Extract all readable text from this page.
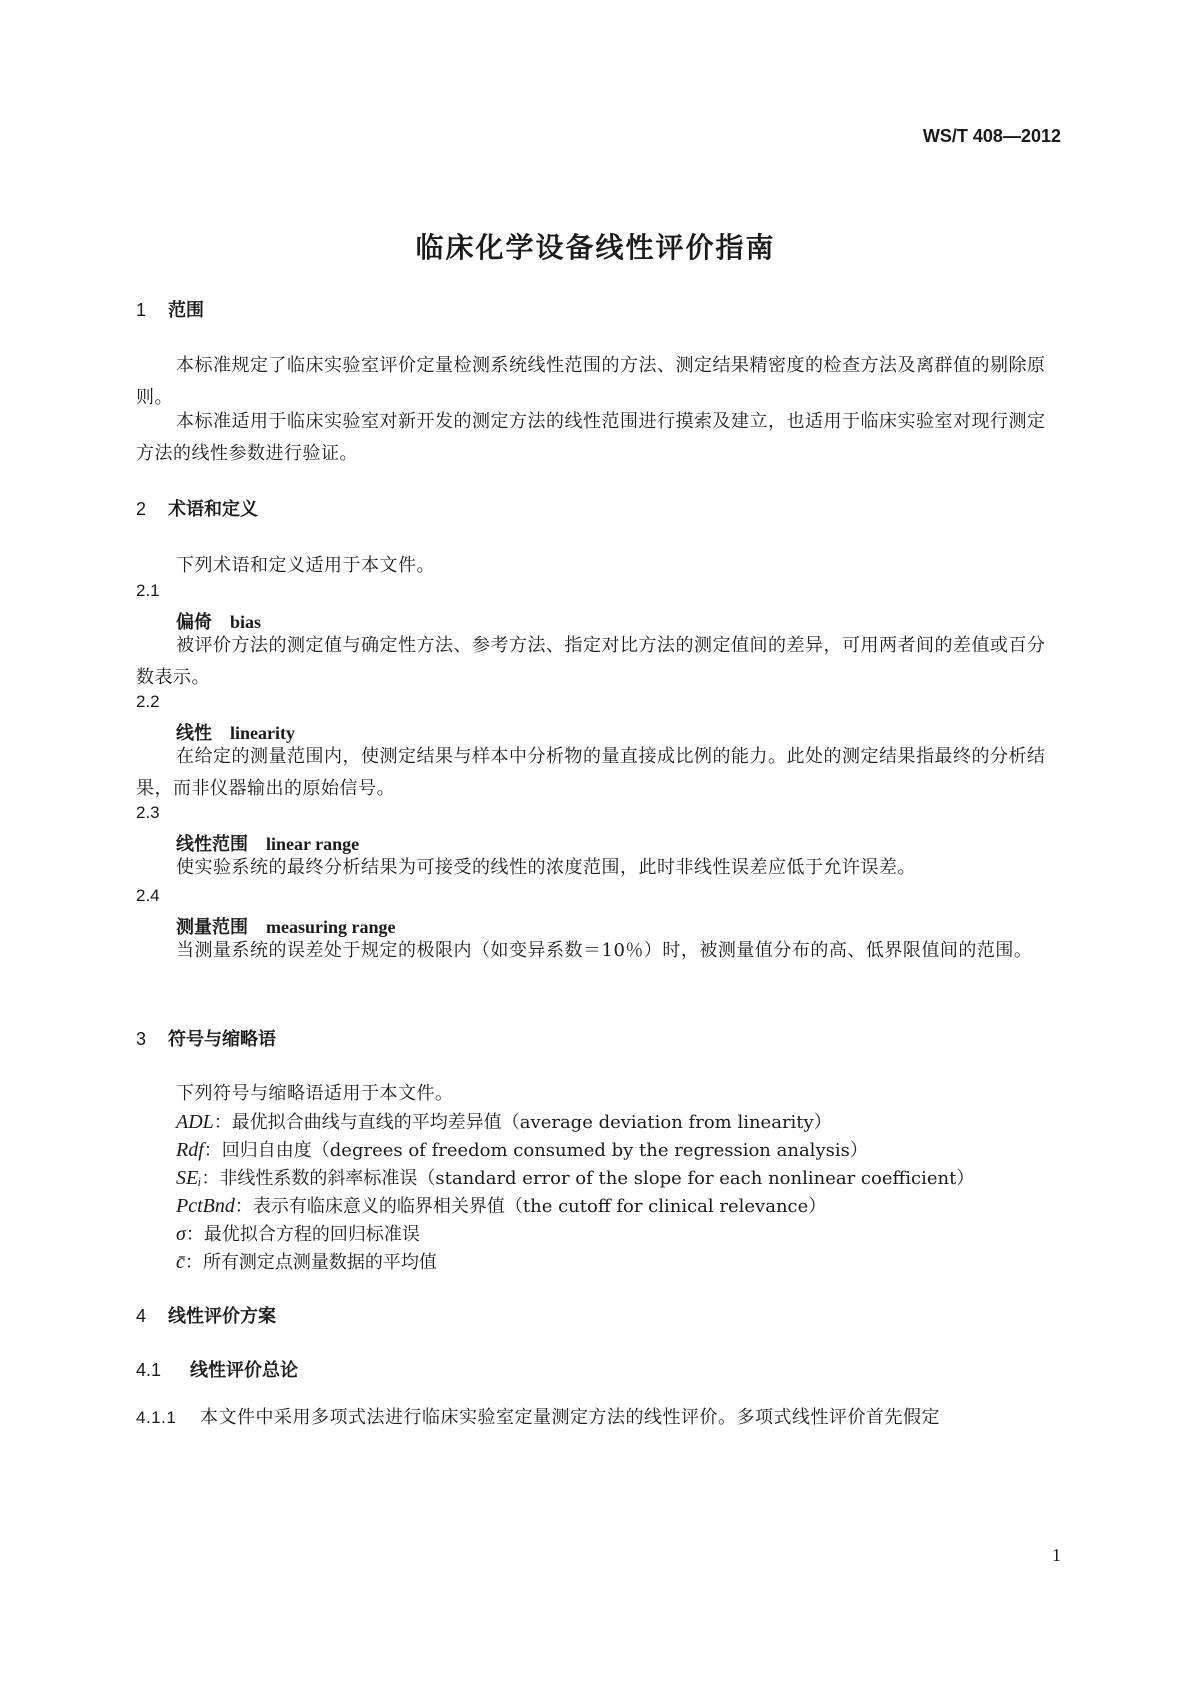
WS/T 408—2012
临床化学设备线性评价指南
1 范围
本标准规定了临床实验室评价定量检测系统线性范围的方法、测定结果精密度的检查方法及离群值的剔除原则。
本标准适用于临床实验室对新开发的测定方法的线性范围进行摸索及建立，也适用于临床实验室对现行测定方法的线性参数进行验证。
2 术语和定义
下列术语和定义适用于本文件。
2.1
偏倚 bias
被评价方法的测定值与确定性方法、参考方法、指定对比方法的测定值间的差异，可用两者间的差值或百分数表示。
2.2
线性 linearity
在给定的测量范围内，使测定结果与样本中分析物的量直接成比例的能力。此处的测定结果指最终的分析结果，而非仪器输出的原始信号。
2.3
线性范围 linear range
使实验系统的最终分析结果为可接受的线性的浓度范围，此时非线性误差应低于允许误差。
2.4
测量范围 measuring range
当测量系统的误差处于规定的极限内（如变异系数＝10％）时，被测量值分布的高、低界限值间的范围。
3 符号与缩略语
下列符号与缩略语适用于本文件。
ADL：最优拟合曲线与直线的平均差异值（average deviation from linearity）
Rdf：回归自由度（degrees of freedom consumed by the regression analysis）
SEᵢ：非线性系数的斜率标准误（standard error of the slope for each nonlinear coefficient）
PctBnd：表示有临床意义的临界相关界值（the cutoff for clinical relevance）
σ：最优拟合方程的回归标准误
c̄：所有测定点测量数据的平均值
4 线性评价方案
4.1 线性评价总论
4.1.1 本文件中采用多项式法进行临床实验室定量测定方法的线性评价。多项式线性评价首先假定
1
